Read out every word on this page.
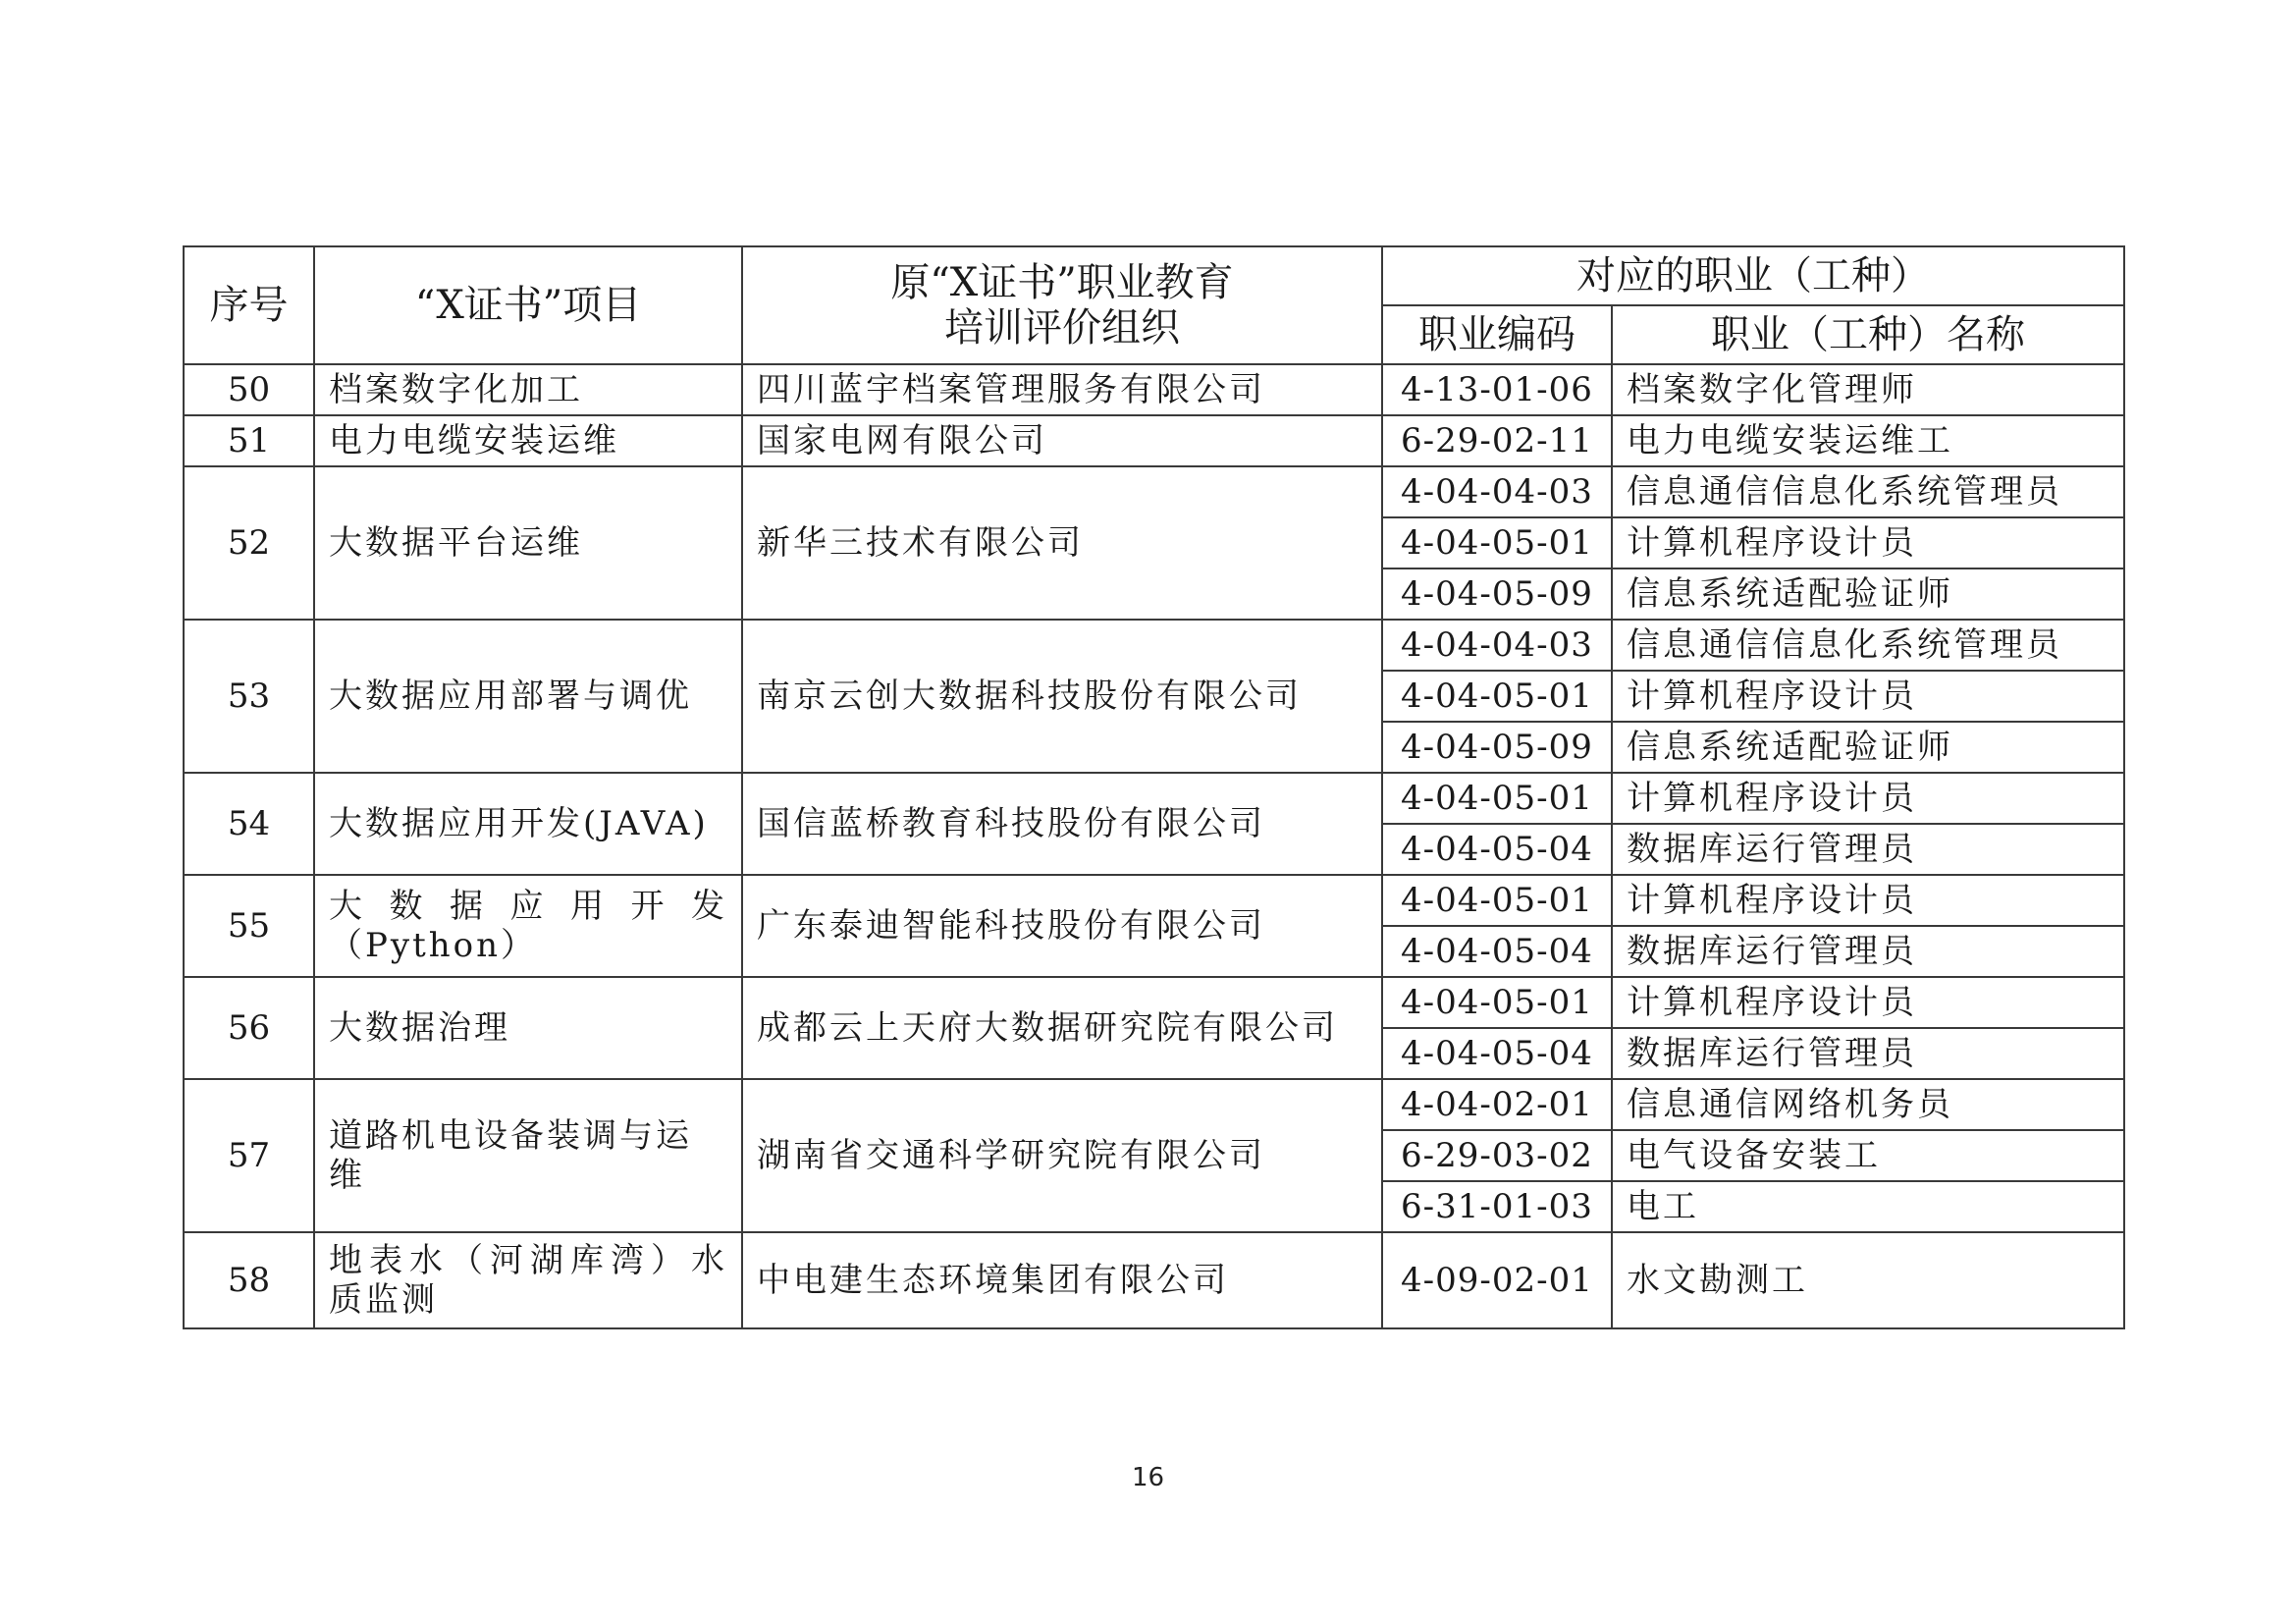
序号	“X证书”项目	原“X证书”职业教育
培训评价组织	对应的职业（工种）	
			职业编码	职业（工种）名称
50	档案数字化加工	四川蓝宇档案管理服务有限公司	4-13-01-06	档案数字化管理师
51	电力电缆安装运维	国家电网有限公司	6-29-02-11	电力电缆安装运维工
52	大数据平台运维	新华三技术有限公司	4-04-04-03	信息通信信息化系统管理员
			4-04-05-01	计算机程序设计员
			4-04-05-09	信息系统适配验证师
53	大数据应用部署与调优	南京云创大数据科技股份有限公司	4-04-04-03	信息通信信息化系统管理员
			4-04-05-01	计算机程序设计员
			4-04-05-09	信息系统适配验证师
54	大数据应用开发(JAVA)	国信蓝桥教育科技股份有限公司	4-04-05-01	计算机程序设计员
			4-04-05-04	数据库运行管理员
55	大数据应用开发（Python）	广东泰迪智能科技股份有限公司	4-04-05-01	计算机程序设计员
			4-04-05-04	数据库运行管理员
56	大数据治理	成都云上天府大数据研究院有限公司	4-04-05-01	计算机程序设计员
			4-04-05-04	数据库运行管理员
57	道路机电设备装调与运维	湖南省交通科学研究院有限公司	4-04-02-01	信息通信网络机务员
			6-29-03-02	电气设备安装工
			6-31-01-03	电工
58	地表水（河湖库湾）水质监测	中电建生态环境集团有限公司	4-09-02-01	水文勘测工
16
